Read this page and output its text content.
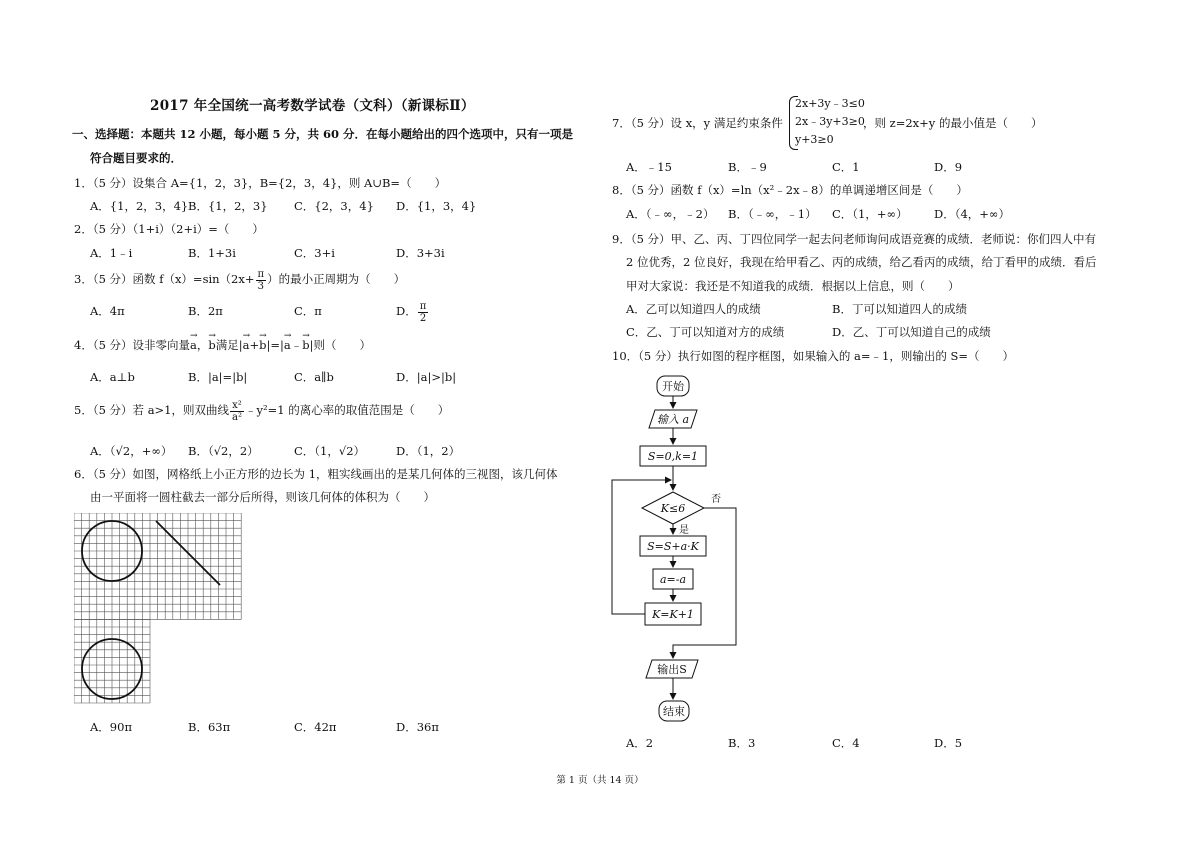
2017 年全国统一高考数学试卷（文科）（新课标Ⅱ）
一、选择题：本题共 12 小题，每小题 5 分，共 60 分．在每小题给出的四个选项中，只有一项是
符合题目要求的．
1．（5 分）设集合 A={1，2，3}，B={2，3，4}，则 A∪B=（　　）
A．{1，2，3，4} B．{1，2，3} C．{2，3，4} D．{1，3，4}
2．（5 分）（1+i）（2+i）=（　　）
A．1﹣i	B．1+3i	C．3+i	D．3+3i
3．（5 分）函数 $f(x)=\sin(2x+ \frac{\pi}{3}$ ）的最小正周期为（　　）
A．4π	B．2π	C．π	D． $\frac{\pi}{2}$
4．（5 分）设非零向量→ a，→ b满足|→ a+→ b|=|→ a﹣→ b|则（　　）
A．a⊥b	B．|a|=|b|	C．a∥b	D．|a|>|b|
5．（5 分）若 a>1，则双曲线 $\frac{\text{x²}}{\text{a²}}$ ﹣y²=1 的离心率的取值范围是（　　）
A．（√2，+∞） B．（√2，2）	C．（1，√2）	D．（1，2）
6．（5 分）如图，网格纸上小正方形的边长为 1，粗实线画出的是某几何体的三视图，该几何体
由一平面将一圆柱截去一部分后所得，则该几何体的体积为（　　）
A．90π	B．63π	C．42π	D．36π
7．（5 分）设 x，y 满足约束条件
2x+3y﹣3≤0
2x﹣3y+3≥0
y+3≥0
，则 z=2x+y 的最小值是（　　）
A．﹣15	B．﹣9	C．1	D．9
8．（5 分）函数 f（x）=ln（x²﹣2x﹣8）的单调递增区间是（　　）
A．（﹣∞，﹣2） B．（﹣∞，﹣1） C．（1，+∞） D．（4，+∞）
9．（5 分）甲、乙、丙、丁四位同学一起去问老师询问成语竞赛的成绩．老师说：你们四人中有
2 位优秀，2 位良好，我现在给甲看乙、丙的成绩，给乙看丙的成绩，给丁看甲的成绩．看后
甲对大家说：我还是不知道我的成绩．根据以上信息，则（　　）
A．乙可以知道四人的成绩	B．丁可以知道四人的成绩
C．乙、丁可以知道对方的成绩	D．乙、丁可以知道自己的成绩
10．（5 分）执行如图的程序框图，如果输入的 a=﹣1，则输出的 S=（　　）
开始
输入 a
S=0,k=1
K≤6
是
否
S=S+a·K
a=-a
K=K+1
输出S
结束
A．2	B．3	C．4	D．5
第 1 页（共 14 页）
